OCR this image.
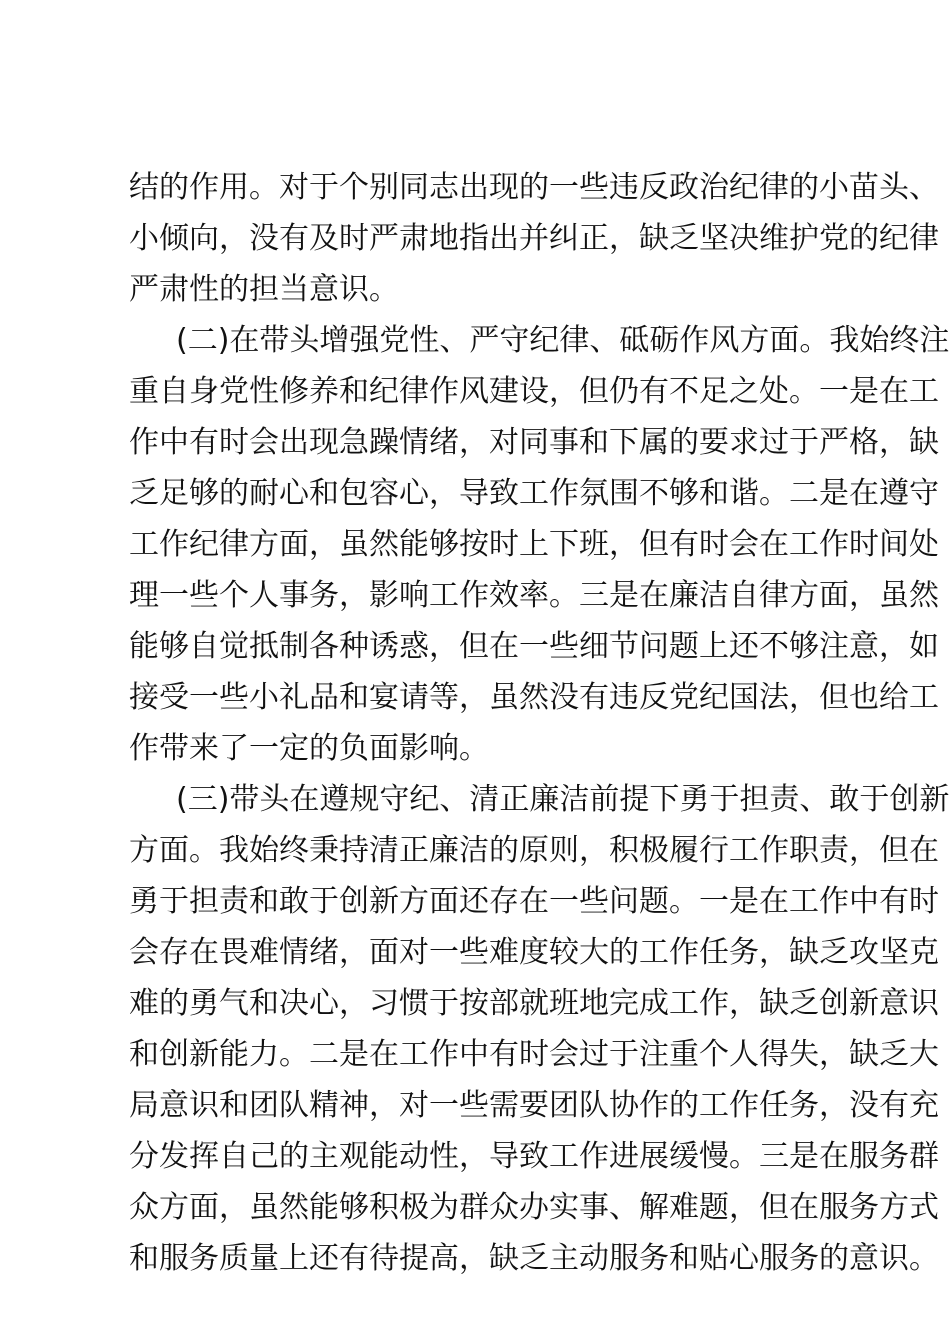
结的作用。对于个别同志出现的一些违反政治纪律的小苗头、
小倾向，没有及时严肃地指出并纠正，缺乏坚决维护党的纪律
严肃性的担当意识。
(二)在带头增强党性、严守纪律、砥砺作风方面。我始终注
重自身党性修养和纪律作风建设，但仍有不足之处。一是在工
作中有时会出现急躁情绪，对同事和下属的要求过于严格，缺
乏足够的耐心和包容心，导致工作氛围不够和谐。二是在遵守
工作纪律方面，虽然能够按时上下班，但有时会在工作时间处
理一些个人事务，影响工作效率。三是在廉洁自律方面，虽然
能够自觉抵制各种诱惑，但在一些细节问题上还不够注意，如
接受一些小礼品和宴请等，虽然没有违反党纪国法，但也给工
作带来了一定的负面影响。
(三)带头在遵规守纪、清正廉洁前提下勇于担责、敢于创新
方面。我始终秉持清正廉洁的原则，积极履行工作职责，但在
勇于担责和敢于创新方面还存在一些问题。一是在工作中有时
会存在畏难情绪，面对一些难度较大的工作任务，缺乏攻坚克
难的勇气和决心，习惯于按部就班地完成工作，缺乏创新意识
和创新能力。二是在工作中有时会过于注重个人得失，缺乏大
局意识和团队精神，对一些需要团队协作的工作任务，没有充
分发挥自己的主观能动性，导致工作进展缓慢。三是在服务群
众方面，虽然能够积极为群众办实事、解难题，但在服务方式
和服务质量上还有待提高，缺乏主动服务和贴心服务的意识。
